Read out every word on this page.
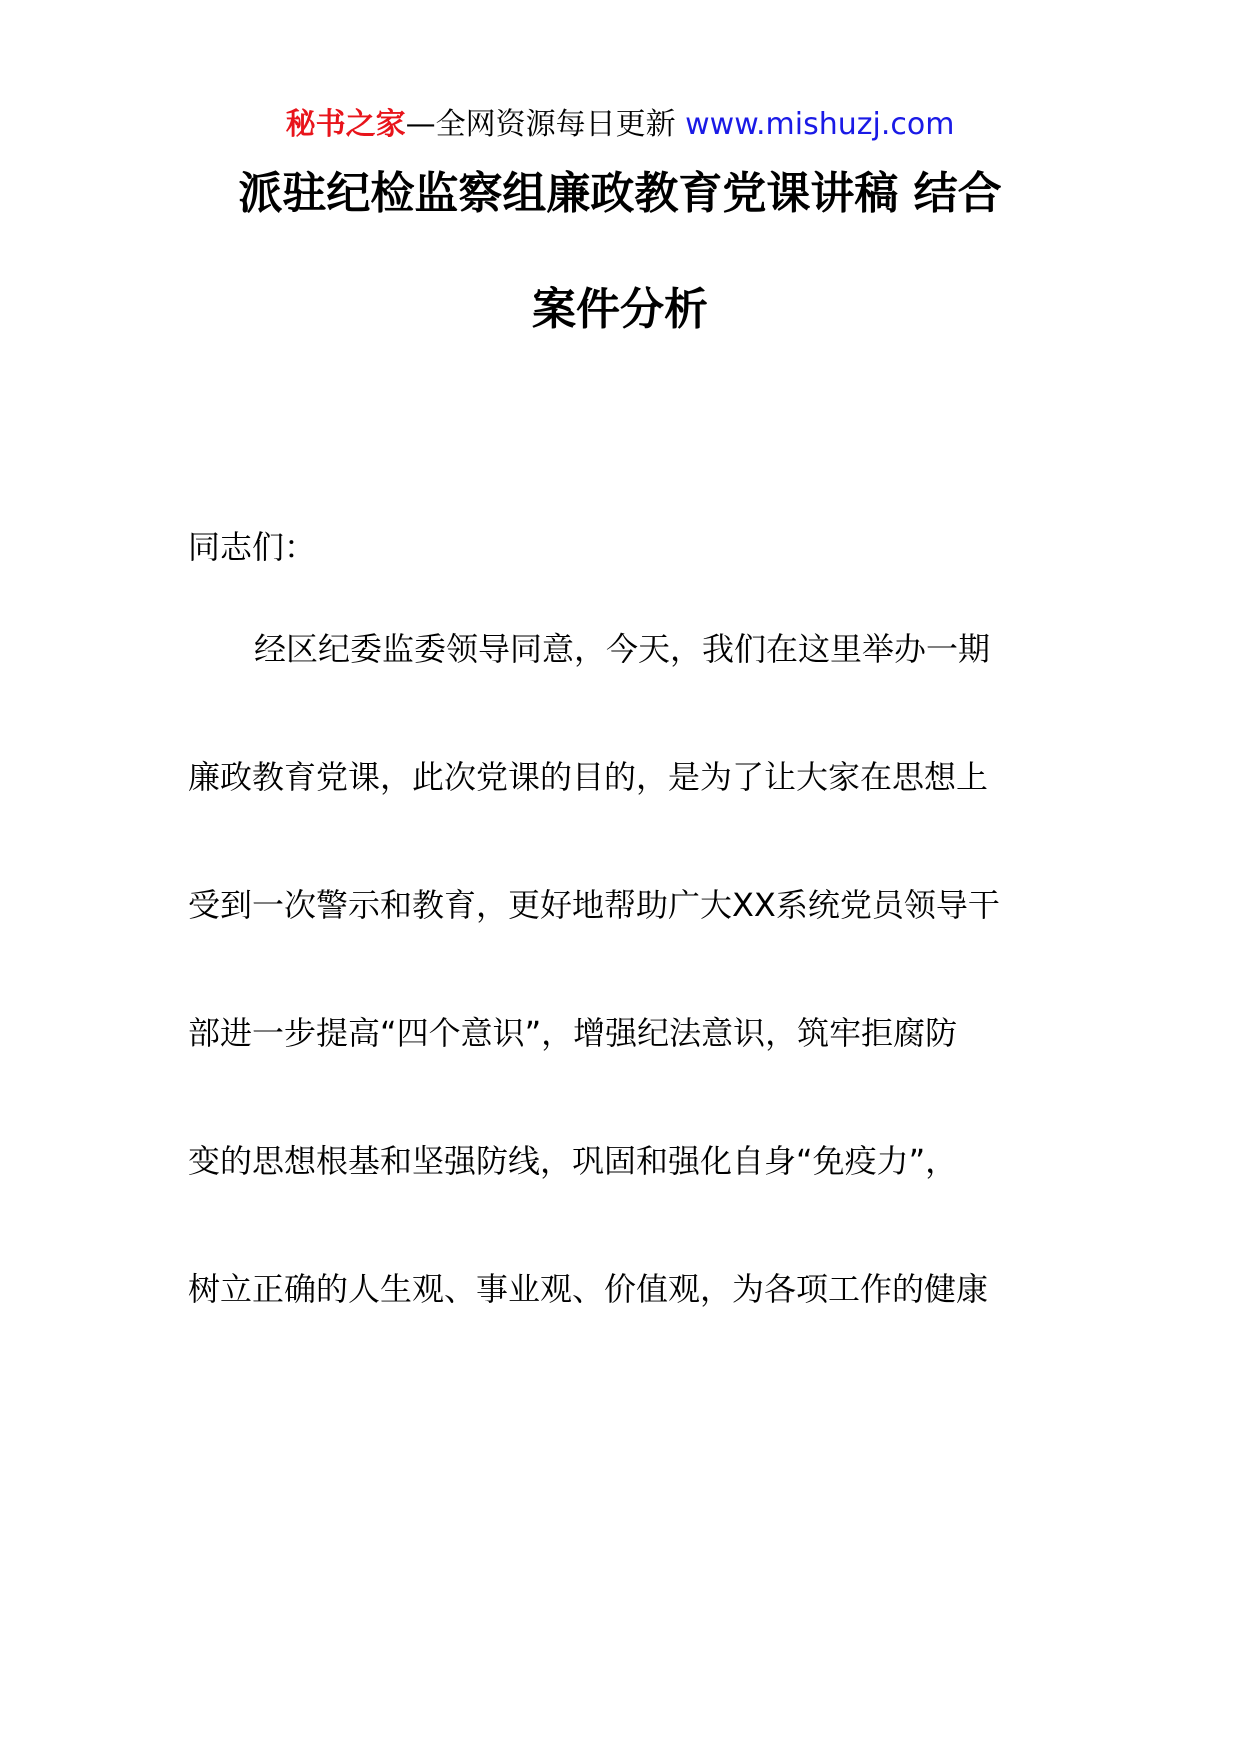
秘书之家—全网资源每日更新 www.mishuzj.com
派驻纪检监察组廉政教育党课讲稿 结合
案件分析
同志们：
经区纪委监委领导同意，今天，我们在这里举办一期
廉政教育党课，此次党课的目的，是为了让大家在思想上
受到一次警示和教育，更好地帮助广大XX系统党员领导干
部进一步提高“四个意识”，增强纪法意识，筑牢拒腐防
变的思想根基和坚强防线，巩固和强化自身“免疫力”，
树立正确的人生观、事业观、价值观，为各项工作的健康
